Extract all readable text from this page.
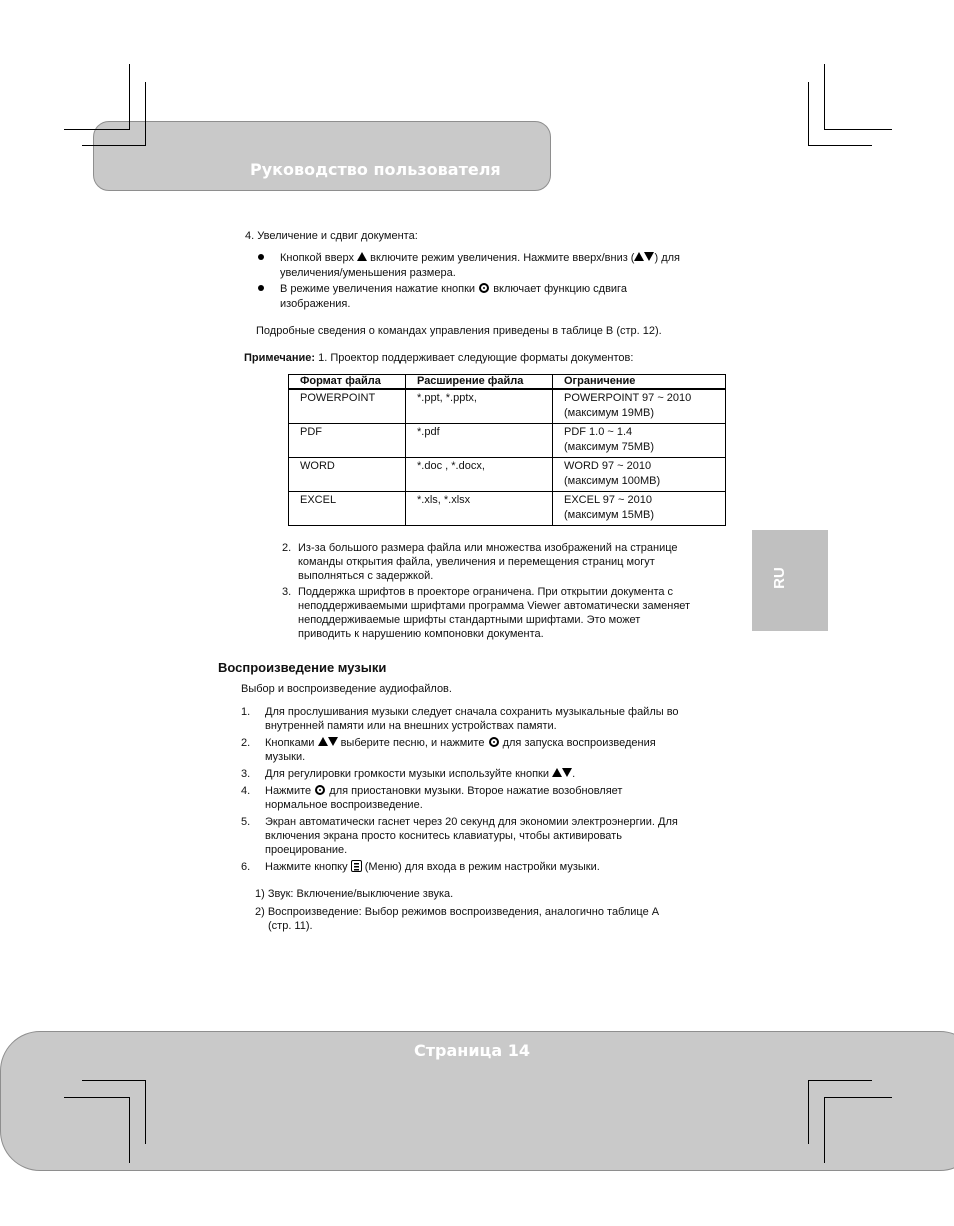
Руководство пользователя
4. Увеличение и сдвиг документа:
Кнопкой вверх включите режим увеличения. Нажмите вверх/вниз ( ) для
увеличения/уменьшения размера.
В режиме увеличения нажатие кнопки включает функцию сдвига
изображения.
Подробные сведения о командах управления приведены в таблице В (стр. 12).
Примечание: 1. Проектор поддерживает следующие форматы документов:
Формат файла	Расширение файла	Ограничение
POWERPOINT	*.ppt, *.pptx,	POWERPOINT 97 ~ 2010
(максимум 19MB)

PDF	*.pdf	PDF 1.0 ~ 1.4
(максимум 75MB)

WORD	*.doc , *.docx,	WORD 97 ~ 2010
(максимум 100MB)

EXCEL	*.xls, *.xlsx	EXCEL 97 ~ 2010
(максимум 15MB)
2. Из-за большого размера файла или множества изображений на странице
команды открытия файла, увеличения и перемещения страниц могут
выполняться с задержкой.
3. Поддержка шрифтов в проекторе ограничена. При открытии документа с
неподдерживаемыми шрифтами программа Viewer автоматически заменяет
неподдерживаемые шрифты стандартными шрифтами. Это может
приводить к нарушению компоновки документа.
RU
Воспроизведение музыки
Выбор и воспроизведение аудиофайлов.
1. Для прослушивания музыки следует сначала сохранить музыкальные файлы во
внутренней памяти или на внешних устройствах памяти.
2. Кнопками выберите песню, и нажмите для запуска воспроизведения
музыки.
3. Для регулировки громкости музыки используйте кнопки .
4. Нажмите для приостановки музыки. Второе нажатие возобновляет
нормальное воспроизведение.
5. Экран автоматически гаснет через 20 секунд для экономии электроэнергии. Для
включения экрана просто коснитесь клавиатуры, чтобы активировать
проецирование.
6. Нажмите кнопку (Меню) для входа в режим настройки музыки.
1) Звук: Включение/выключение звука.
2) Воспроизведение: Выбор режимов воспроизведения, аналогично таблице А
(стр. 11).
Страница 14
